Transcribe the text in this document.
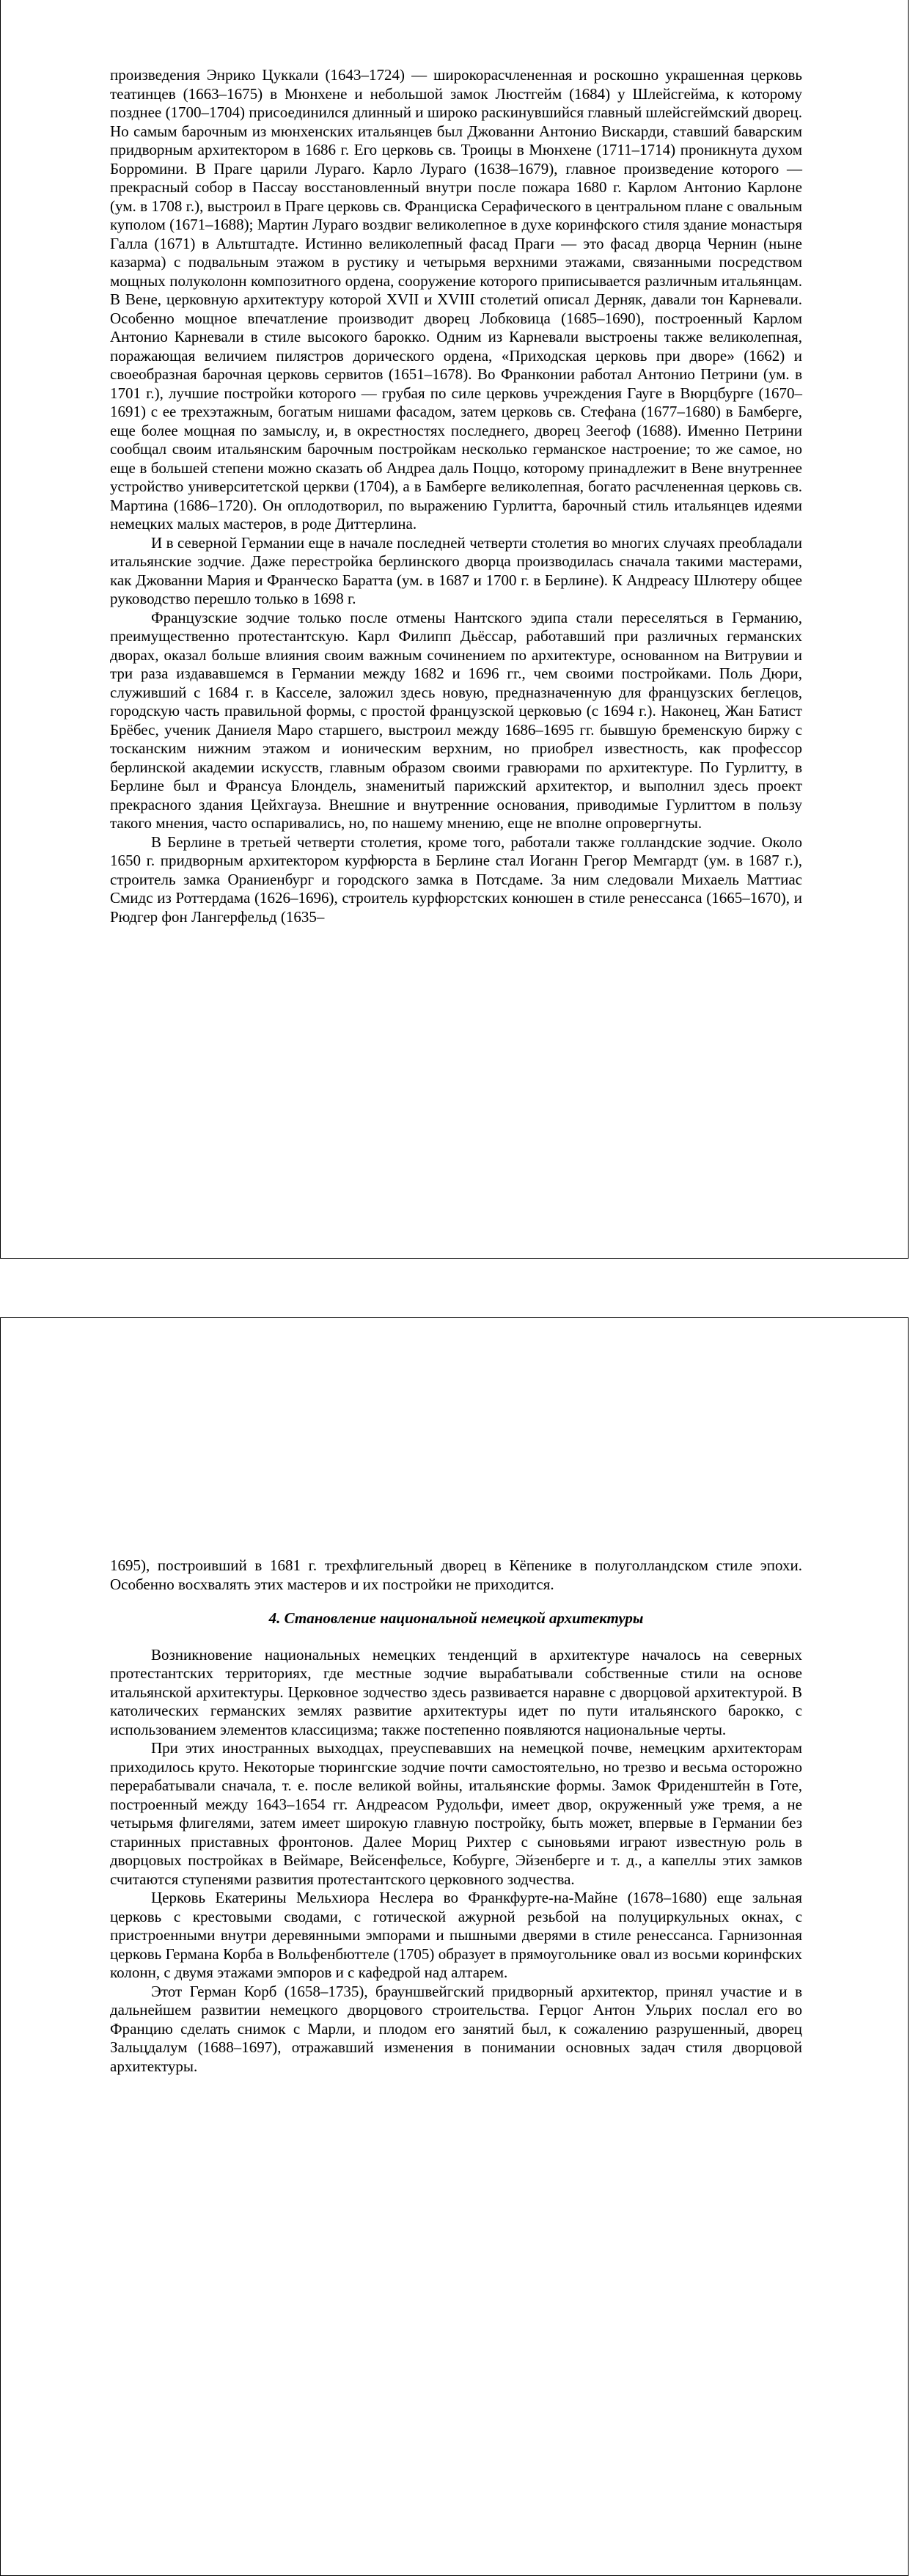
произведения Энрико Цуккали (1643–1724) — широкорасчлененная и роскошно украшенная церковь театинцев (1663–1675) в Мюнхене и небольшой замок Люстгейм (1684) у Шлейсгейма, к которому позднее (1700–1704) присоединился длинный и широко раскинувшийся главный шлейсгеймский дворец. Но самым барочным из мюнхенских итальянцев был Джованни Антонио Вискарди, ставший баварским придворным архитектором в 1686 г. Его церковь св. Троицы в Мюнхене (1711–1714) проникнута духом Борромини. В Праге царили Лураго. Карло Лураго (1638–1679), главное произведение которого — прекрасный собор в Пассау восстановленный внутри после пожара 1680 г. Карлом Антонио Карлоне (ум. в 1708 г.), выстроил в Праге церковь св. Франциска Серафического в центральном плане с овальным куполом (1671–1688); Мартин Лураго воздвиг великолепное в духе коринфского стиля здание монастыря Галла (1671) в Альтштадте. Истинно великолепный фасад Праги — это фасад дворца Чернин (ныне казарма) с подвальным этажом в рустику и четырьмя верхними этажами, связанными посредством мощных полуколонн композитного ордена, сооружение которого приписывается различным итальянцам. В Вене, церковную архитектуру которой XVII и XVIII столетий описал Дерняк, давали тон Карневали. Особенно мощное впечатление производит дворец Лобковица (1685–1690), построенный Карлом Антонио Карневали в стиле высокого барокко. Одним из Карневали выстроены также великолепная, поражающая величием пилястров дорического ордена, «Приходская церковь при дворе» (1662) и своеобразная барочная церковь сервитов (1651–1678). Во Франконии работал Антонио Петрини (ум. в 1701 г.), лучшие постройки которого — грубая по силе церковь учреждения Гауге в Вюрцбурге (1670–1691) с ее трехэтажным, богатым нишами фасадом, затем церковь св. Стефана (1677–1680) в Бамберге, еще более мощная по замыслу, и, в окрестностях последнего, дворец Зеегоф (1688). Именно Петрини сообщал своим итальянским барочным постройкам несколько германское настроение; то же самое, но еще в большей степени можно сказать об Андреа даль Поццо, которому принадлежит в Вене внутреннее устройство университетской церкви (1704), а в Бамберге великолепная, богато расчлененная церковь св. Мартина (1686–1720). Он оплодотворил, по выражению Гурлитта, барочный стиль итальянцев идеями немецких малых мастеров, в роде Диттерлина.

И в северной Германии еще в начале последней четверти столетия во многих случаях преобладали итальянские зодчие. Даже перестройка берлинского дворца производилась сначала такими мастерами, как Джованни Мария и Франческо Баратта (ум. в 1687 и 1700 г. в Берлине). К Андреасу Шлютеру общее руководство перешло только в 1698 г.

Французские зодчие только после отмены Нантского эдипа стали переселяться в Германию, преимущественно протестантскую. Карл Филипп Дьёссар, работавший при различных германских дворах, оказал больше влияния своим важным сочинением по архитектуре, основанном на Витрувии и три раза издававшемся в Германии между 1682 и 1696 гг., чем своими постройками. Поль Дюри, служивший с 1684 г. в Касселе, заложил здесь новую, предназначенную для французских беглецов, городскую часть правильной формы, с простой французской церковью (с 1694 г.). Наконец, Жан Батист Брёбес, ученик Даниеля Маро старшего, выстроил между 1686–1695 гг. бывшую бременскую биржу с тосканским нижним этажом и ионическим верхним, но приобрел известность, как профессор берлинской академии искусств, главным образом своими гравюрами по архитектуре. По Гурлитту, в Берлине был и Франсуа Блондель, знаменитый парижский архитектор, и выполнил здесь проект прекрасного здания Цейхгауза. Внешние и внутренние основания, приводимые Гурлиттом в пользу такого мнения, часто оспаривались, но, по нашему мнению, еще не вполне опровергнуты.

В Берлине в третьей четверти столетия, кроме того, работали также голландские зодчие. Около 1650 г. придворным архитектором курфюрста в Берлине стал Иоганн Грегор Мемгардт (ум. в 1687 г.), строитель замка Ораниенбург и городского замка в Потсдаме. За ним следовали Михаель Маттиас Смидс из Роттердама (1626–1696), строитель курфюрстских конюшен в стиле ренессанса (1665–1670), и Рюдгер фон Лангерфельд (1635–

1695), построивший в 1681 г. трехфлигельный дворец в Кёпенике в полуголландском стиле эпохи. Особенно восхвалять этих мастеров и их постройки не приходится.

4. Становление национальной немецкой архитектуры

Возникновение национальных немецких тенденций в архитектуре началось на северных протестантских территориях, где местные зодчие вырабатывали собственные стили на основе итальянской архитектуры. Церковное зодчество здесь развивается наравне с дворцовой архитектурой. В католических германских землях развитие архитектуры идет по пути итальянского барокко, с использованием элементов классицизма; также постепенно появляются национальные черты.

При этих иностранных выходцах, преуспевавших на немецкой почве, немецким архитекторам приходилось круто. Некоторые тюрингские зодчие почти самостоятельно, но трезво и весьма осторожно перерабатывали сначала, т. е. после великой войны, итальянские формы. Замок Фриденштейн в Готе, построенный между 1643–1654 гг. Андреасом Рудольфи, имеет двор, окруженный уже тремя, а не четырьмя флигелями, затем имеет широкую главную постройку, быть может, впервые в Германии без старинных приставных фронтонов. Далее Мориц Рихтер с сыновьями играют известную роль в дворцовых постройках в Веймаре, Вейсенфельсе, Кобурге, Эйзенберге и т. д., а капеллы этих замков считаются ступенями развития протестантского церковного зодчества.

Церковь Екатерины Мельхиора Неслера во Франкфурте-на-Майне (1678–1680) еще зальная церковь с крестовыми сводами, с готической ажурной резьбой на полуциркульных окнах, с пристроенными внутри деревянными эмпорами и пышными дверями в стиле ренессанса. Гарнизонная церковь Германа Корба в Вольфенбюттеле (1705) образует в прямоугольнике овал из восьми коринфских колонн, с двумя этажами эмпоров и с кафедрой над алтарем.

Этот Герман Корб (1658–1735), брауншвейгский придворный архитектор, принял участие и в дальнейшем развитии немецкого дворцового строительства. Герцог Антон Ульрих послал его во Францию сделать снимок с Марли, и плодом его занятий был, к сожалению разрушенный, дворец Зальцдалум (1688–1697), отражавший изменения в понимании основных задач стиля дворцовой архитектуры.
